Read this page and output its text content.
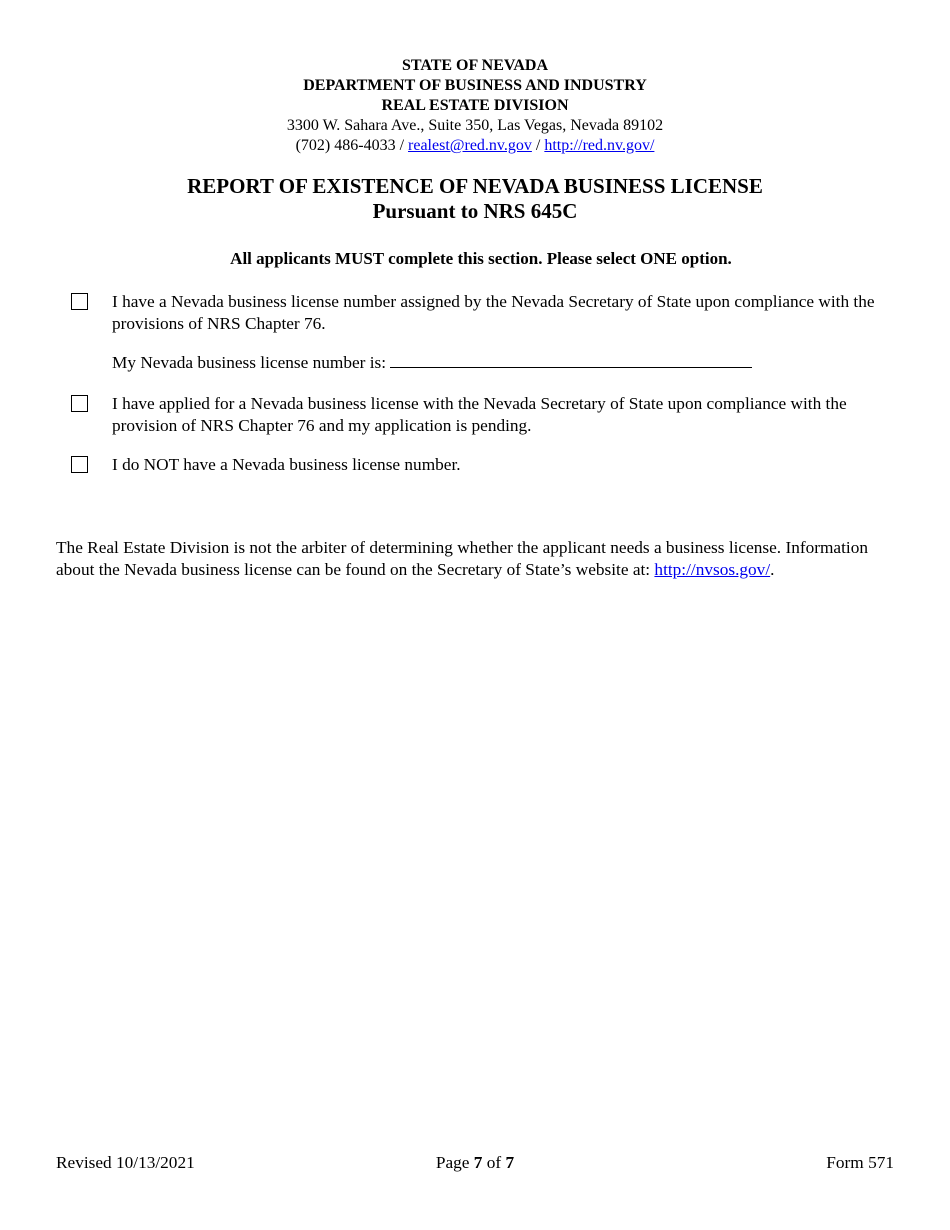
STATE OF NEVADA
DEPARTMENT OF BUSINESS AND INDUSTRY
REAL ESTATE DIVISION
3300 W. Sahara Ave., Suite 350, Las Vegas, Nevada 89102
(702) 486-4033 / realest@red.nv.gov / http://red.nv.gov/
REPORT OF EXISTENCE OF NEVADA BUSINESS LICENSE
Pursuant to NRS 645C
All applicants MUST complete this section. Please select ONE option.
I have a Nevada business license number assigned by the Nevada Secretary of State upon compliance with the provisions of NRS Chapter 76.
My Nevada business license number is:
I have applied for a Nevada business license with the Nevada Secretary of State upon compliance with the provision of NRS Chapter 76 and my application is pending.
I do NOT have a Nevada business license number.
The Real Estate Division is not the arbiter of determining whether the applicant needs a business license. Information about the Nevada business license can be found on the Secretary of State’s website at: http://nvsos.gov/.
Revised 10/13/2021	Page 7 of 7	Form 571
